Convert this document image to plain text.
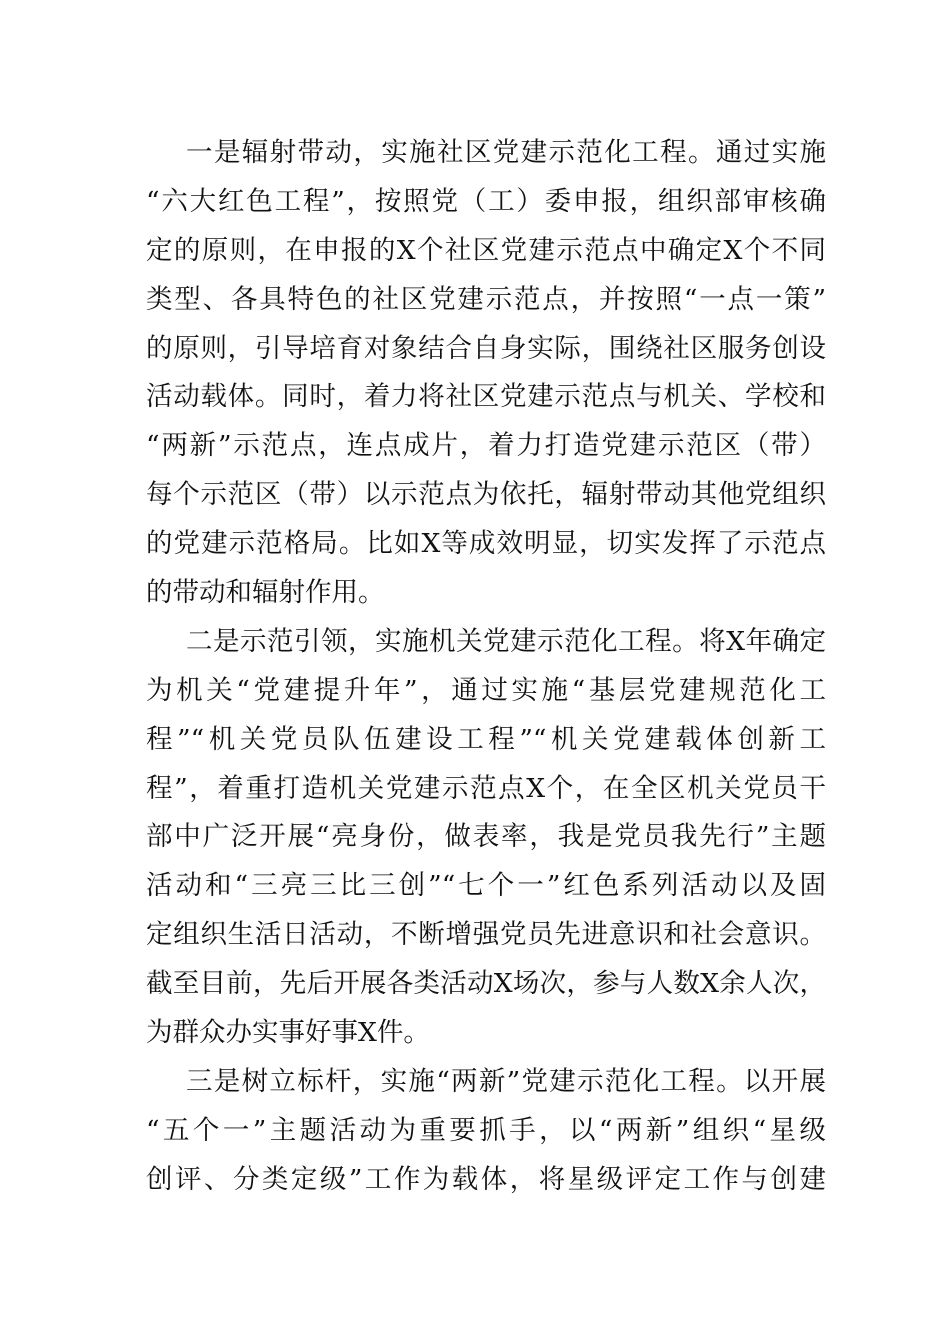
一是辐射带动，实施社区党建示范化工程。通过实施
“六大红色工程”，按照党（工）委申报，组织部审核确
定的原则，在申报的X个社区党建示范点中确定X个不同
类型、各具特色的社区党建示范点，并按照“一点一策”
的原则，引导培育对象结合自身实际，围绕社区服务创设
活动载体。同时，着力将社区党建示范点与机关、学校和
“两新”示范点，连点成片，着力打造党建示范区（带）
每个示范区（带）以示范点为依托，辐射带动其他党组织
的党建示范格局。比如X等成效明显，切实发挥了示范点
的带动和辐射作用。
二是示范引领，实施机关党建示范化工程。将X年确定
为机关“党建提升年”，通过实施“基层党建规范化工
程”“机关党员队伍建设工程”“机关党建载体创新工
程”，着重打造机关党建示范点X个，在全区机关党员干
部中广泛开展“亮身份，做表率，我是党员我先行”主题
活动和“三亮三比三创”“七个一”红色系列活动以及固
定组织生活日活动，不断增强党员先进意识和社会意识。
截至目前，先后开展各类活动X场次，参与人数X余人次，
为群众办实事好事X件。
三是树立标杆，实施“两新”党建示范化工程。以开展
“五个一”主题活动为重要抓手，以“两新”组织“星级
创评、分类定级”工作为载体，将星级评定工作与创建
